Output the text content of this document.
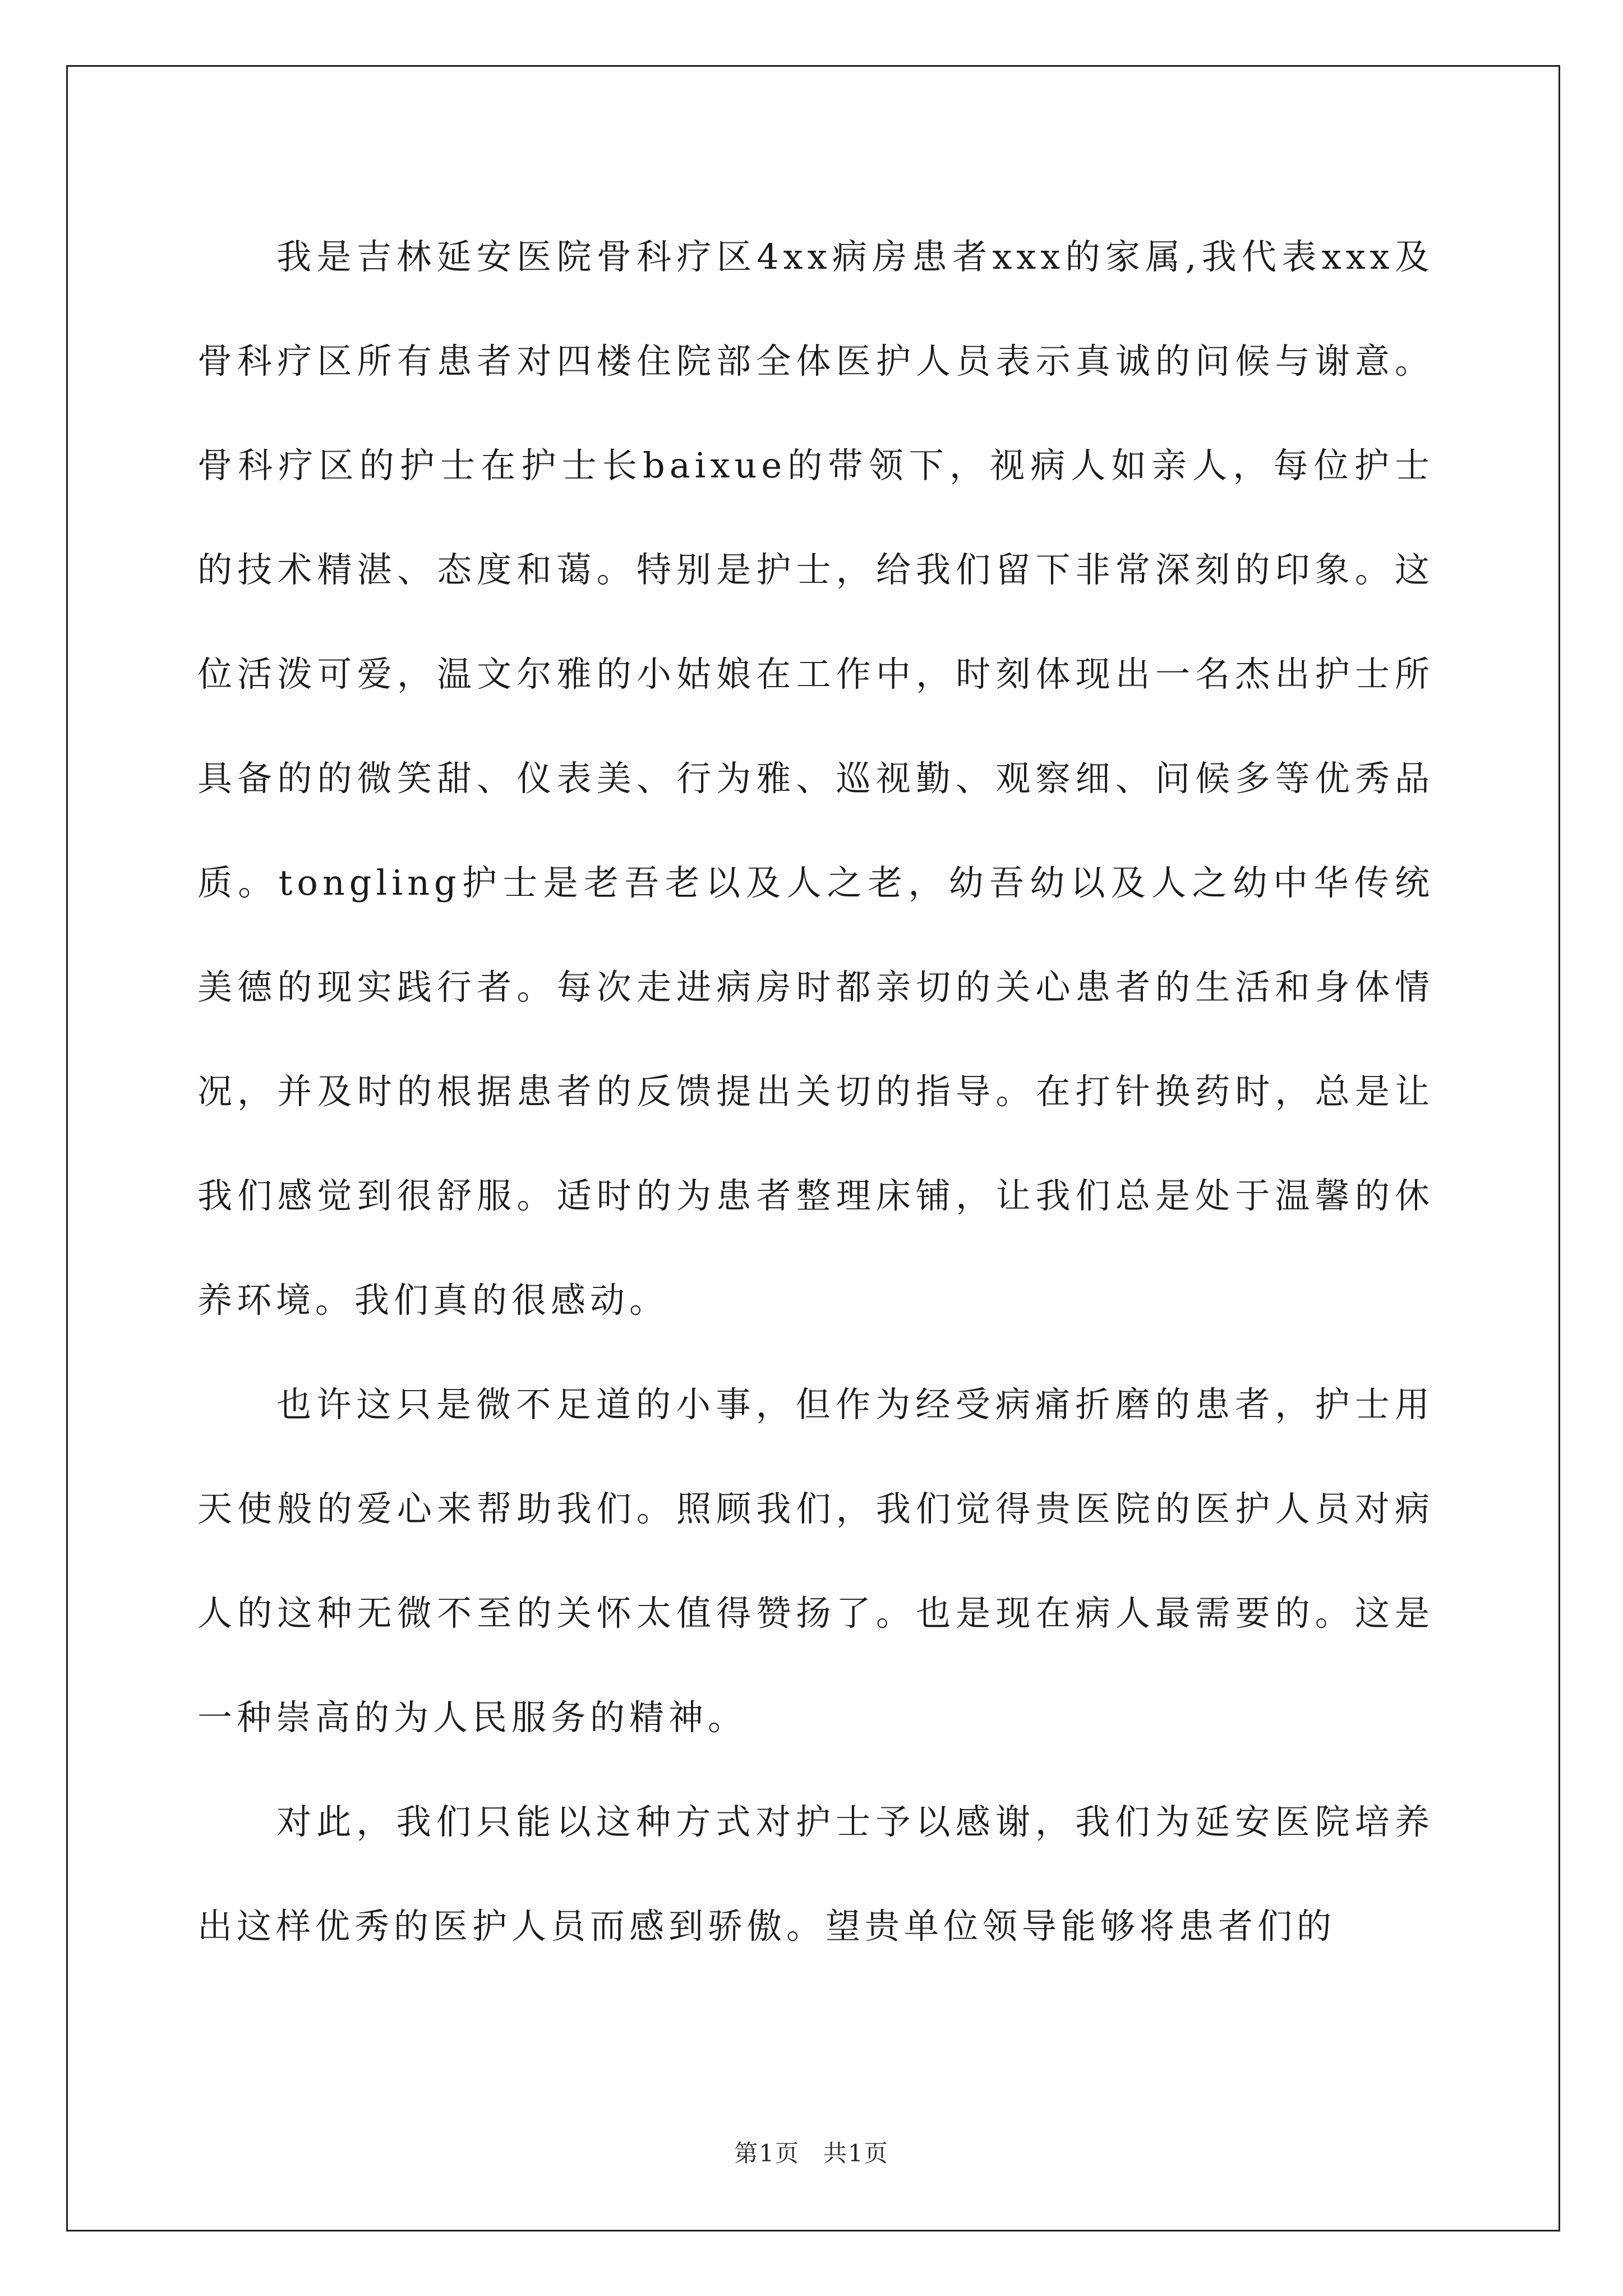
我是吉林延安医院骨科疗区4xx病房患者xxx的家属,我代表xxx及骨科疗区所有患者对四楼住院部全体医护人员表示真诚的问候与谢意。骨科疗区的护士在护士长baixue的带领下，视病人如亲人，每位护士的技术精湛、态度和蔼。特别是护士，给我们留下非常深刻的印象。这位活泼可爱，温文尔雅的小姑娘在工作中，时刻体现出一名杰出护士所具备的的微笑甜、仪表美、行为雅、巡视勤、观察细、问候多等优秀品质。tongling护士是老吾老以及人之老，幼吾幼以及人之幼中华传统美德的现实践行者。每次走进病房时都亲切的关心患者的生活和身体情况，并及时的根据患者的反馈提出关切的指导。在打针换药时，总是让我们感觉到很舒服。适时的为患者整理床铺，让我们总是处于温馨的休养环境。我们真的很感动。

也许这只是微不足道的小事，但作为经受病痛折磨的患者，护士用天使般的爱心来帮助我们。照顾我们，我们觉得贵医院的医护人员对病人的这种无微不至的关怀太值得赞扬了。也是现在病人最需要的。这是一种崇高的为人民服务的精神。

对此，我们只能以这种方式对护士予以感谢，我们为延安医院培养出这样优秀的医护人员而感到骄傲。望贵单位领导能够将患者们的

第1页 共1页
